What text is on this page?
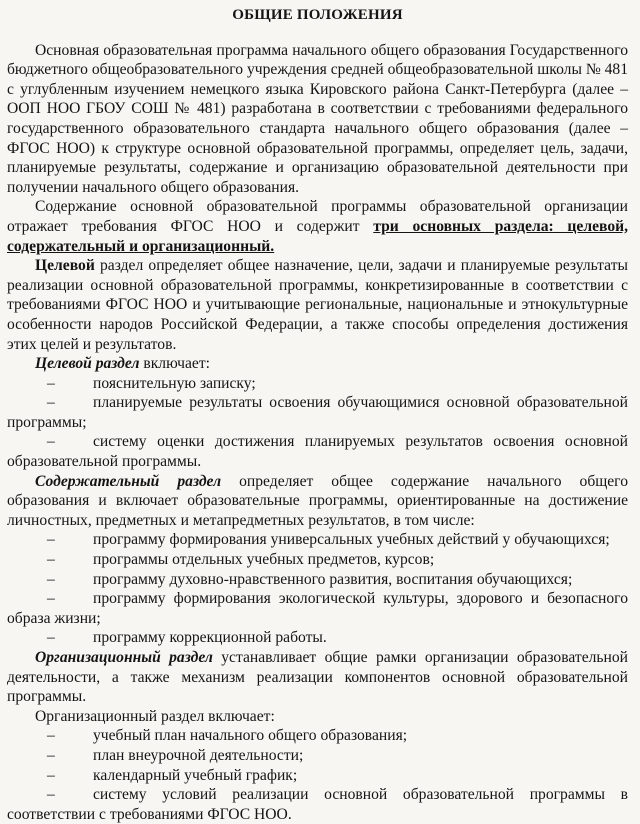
ОБЩИЕ ПОЛОЖЕНИЯ

Основная образовательная программа начального общего образования Государственного бюджетного общеобразовательного учреждения средней общеобразовательной школы № 481 с углубленным изучением немецкого языка Кировского района Санкт-Петербурга (далее – ООП НОО ГБОУ СОШ № 481) разработана в соответствии с требованиями федерального государственного образовательного стандарта начального общего образования (далее – ФГОС НОО) к структуре основной образовательной программы, определяет цель, задачи, планируемые результаты, содержание и организацию образовательной деятельности при получении начального общего образования.

Содержание основной образовательной программы образовательной организации отражает требования ФГОС НОО и содержит три основных раздела: целевой, содержательный и организационный.

Целевой раздел определяет общее назначение, цели, задачи и планируемые результаты реализации основной образовательной программы, конкретизированные в соответствии с требованиями ФГОС НОО и учитывающие региональные, национальные и этнокультурные особенности народов Российской Федерации, а также способы определения достижения этих целей и результатов.

Целевой раздел включает:

– пояснительную записку;

– планируемые результаты освоения обучающимися основной образовательной программы;

– систему оценки достижения планируемых результатов освоения основной образовательной программы.

Содержательный раздел определяет общее содержание начального общего образования и включает образовательные программы, ориентированные на достижение личностных, предметных и метапредметных результатов, в том числе:

– программу формирования универсальных учебных действий у обучающихся;

– программы отдельных учебных предметов, курсов;

– программу духовно-нравственного развития, воспитания обучающихся;

– программу формирования экологической культуры, здорового и безопасного образа жизни;

– программу коррекционной работы.

Организационный раздел устанавливает общие рамки организации образовательной деятельности, а также механизм реализации компонентов основной образовательной программы.

Организационный раздел включает:

– учебный план начального общего образования;

– план внеурочной деятельности;

– календарный учебный график;

– систему условий реализации основной образовательной программы в соответствии с требованиями ФГОС НОО.
